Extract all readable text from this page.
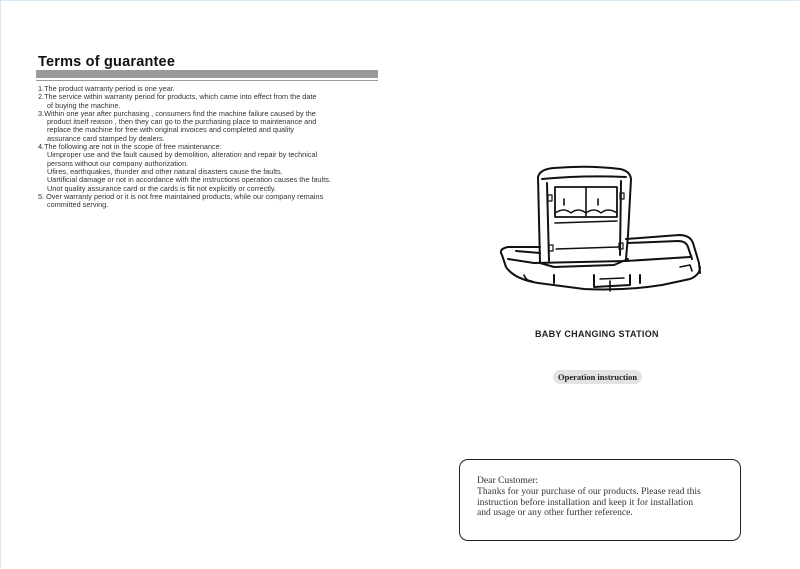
Terms of guarantee
1.The product warranty period is one year.
2.The service within warranty period for products, which came into effect from the date
of buying the machine.
3.Within one year after purchasing , consumers find the machine failure caused by the
product itself reason , then they can go to the purchasing place to maintenance and
replace the machine for free with original invoices and completed and quality
assurance card stamped by dealers.
4.The following are not in the scope of free maintenance:
Uimproper use and the fault caused by demolition, alteration and repair by technical
persons without our company authorization.
Ufires, earthquakes, thunder and other natural disasters cause the faults.
Uartificial damage or not in accordance with the instructions operation causes the faults.
Unot quality assurance card or the cards is flit not explicitly or correctly.
5. Over warranty period or it is not free maintained products, while our company remains
committed serving.
BABY CHANGING STATION
Operation instruction
Dear Customer:
Thanks for your purchase of our products. Please read this
instruction before installation and keep it for installation
and usage or any other further reference.
